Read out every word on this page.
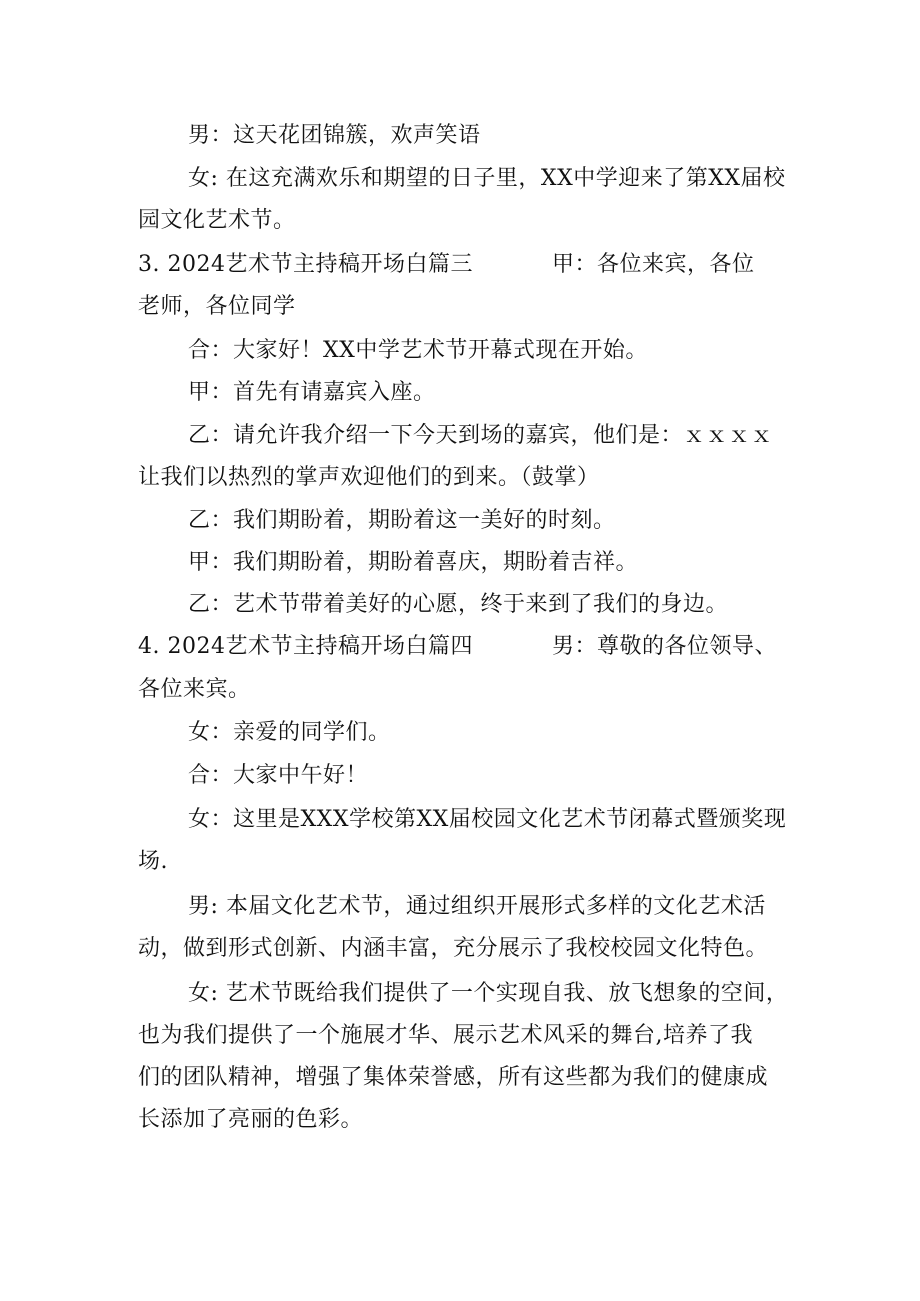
男：这天花团锦簇，欢声笑语
女: 在这充满欢乐和期望的日子里，XX中学迎来了第XX届校
园文化艺术节。
3. 2024艺术节主持稿开场白篇三	甲：各位来宾，各位
老师，各位同学
合：大家好！XX中学艺术节开幕式现在开始。
甲：首先有请嘉宾入座。
乙：请允许我介绍一下今天到场的嘉宾，他们是：ｘｘｘｘ
让我们以热烈的掌声欢迎他们的到来。（鼓掌）
乙：我们期盼着，期盼着这一美好的时刻。
甲：我们期盼着，期盼着喜庆，期盼着吉祥。
乙：艺术节带着美好的心愿，终于来到了我们的身边。
4. 2024艺术节主持稿开场白篇四	男：尊敬的各位领导、
各位来宾。
女：亲爱的同学们。
合：大家中午好！
女：这里是XXX学校第XX届校园文化艺术节闭幕式暨颁奖现
场.
男: 本届文化艺术节，通过组织开展形式多样的文化艺术活
动，做到形式创新、内涵丰富，充分展示了我校校园文化特色。
女: 艺术节既给我们提供了一个实现自我、放飞想象的空间，
也为我们提供了一个施展才华、展示艺术风采的舞台,培养了我
们的团队精神，增强了集体荣誉感，所有这些都为我们的健康成
长添加了亮丽的色彩。
